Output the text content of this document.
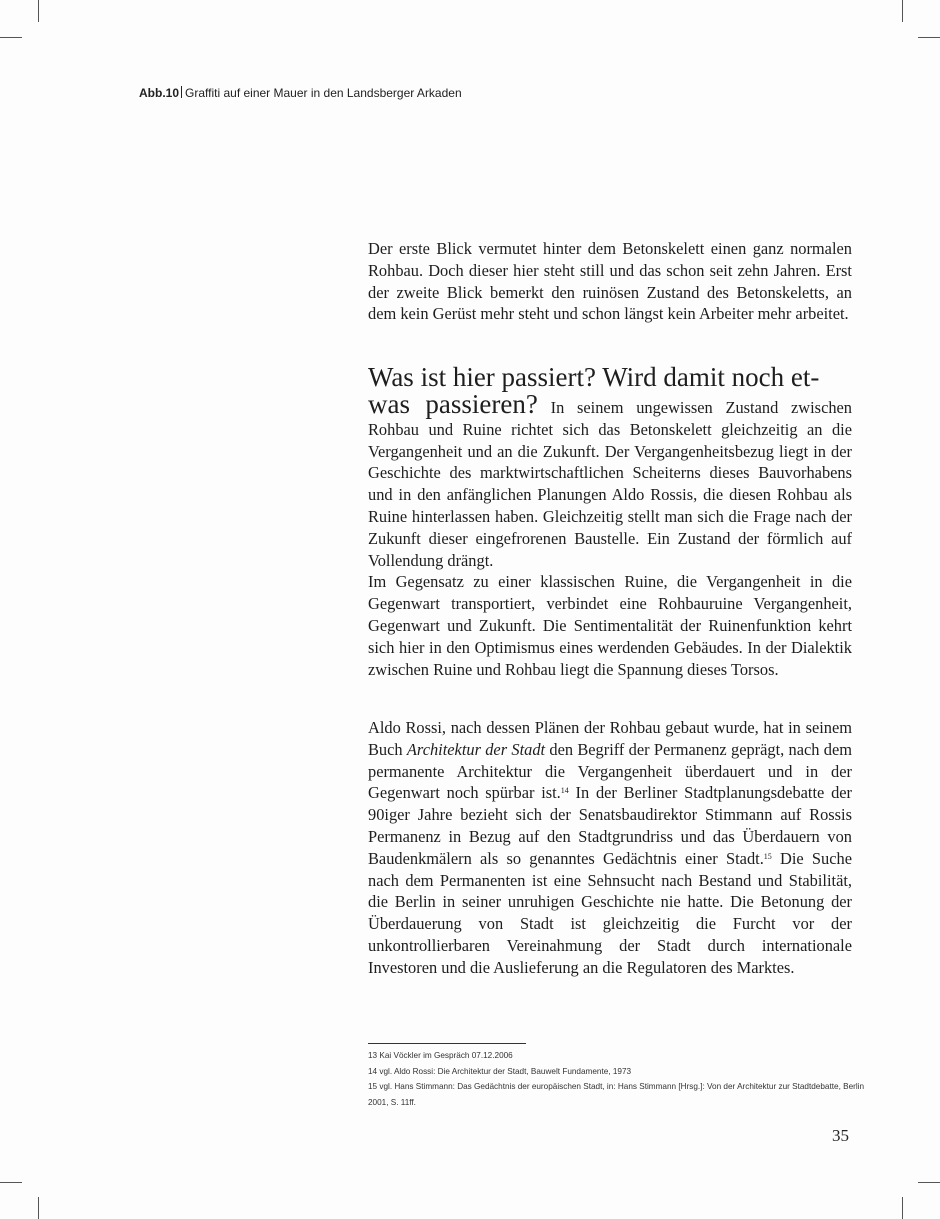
Abb.10 Graffiti auf einer Mauer in den Landsberger Arkaden

Der erste Blick vermutet hinter dem Betonskelett einen ganz normalen Rohbau. Doch dieser hier steht still und das schon seit zehn Jahren. Erst der zweite Blick bemerkt den ruinösen Zustand des Betonskeletts, an dem kein Gerüst mehr steht und schon längst kein Arbeiter mehr arbeitet.

Was ist hier passiert? Wird damit noch et-

was passieren? In seinem ungewissen Zustand zwischen Rohbau und Ruine richtet sich das Betonskelett gleichzeitig an die Vergangenheit und an die Zukunft. Der Vergangenheitsbezug liegt in der Geschichte des marktwirtschaftlichen Scheiterns dieses Bauvorhabens und in den anfänglichen Planungen Aldo Rossis, die diesen Rohbau als Ruine hinterlassen haben. Gleichzeitig stellt man sich die Frage nach der Zukunft dieser eingefrorenen Baustelle. Ein Zustand der förmlich auf Vollendung drängt.

Im Gegensatz zu einer klassischen Ruine, die Vergangenheit in die Gegenwart transportiert, verbindet eine Rohbauruine Vergangenheit, Gegenwart und Zukunft. Die Sentimentalität der Ruinenfunktion kehrt sich hier in den Optimismus eines werdenden Gebäudes. In der Dialektik zwischen Ruine und Rohbau liegt die Spannung dieses Torsos.

Aldo Rossi, nach dessen Plänen der Rohbau gebaut wurde, hat in seinem Buch Architektur der Stadt den Begriff der Permanenz geprägt, nach dem permanente Architektur die Vergangenheit überdauert und in der Gegenwart noch spürbar ist.$^{14}$ In der Berliner Stadtplanungsdebatte der 90iger Jahre bezieht sich der Senatsbaudirektor Stimmann auf Rossis Permanenz in Bezug auf den Stadtgrundriss und das Überdauern von Baudenkmälern als so genanntes Gedächtnis einer Stadt.$^{15}$ Die Suche nach dem Permanenten ist eine Sehnsucht nach Bestand und Stabilität, die Berlin in seiner unruhigen Geschichte nie hatte. Die Betonung der Überdauerung von Stadt ist gleichzeitig die Furcht vor der unkontrollierbaren Vereinahmung der Stadt durch internationale Investoren und die Auslieferung an die Regulatoren des Marktes.

13 Kai Vöckler im Gespräch 07.12.2006
14 vgl. Aldo Rossi: Die Architektur der Stadt, Bauwelt Fundamente, 1973
15 vgl. Hans Stimmann: Das Gedächtnis der europäischen Stadt, in: Hans Stimmann [Hrsg.]: Von der Architektur zur Stadtdebatte, Berlin 2001, S. 11ff.
35
